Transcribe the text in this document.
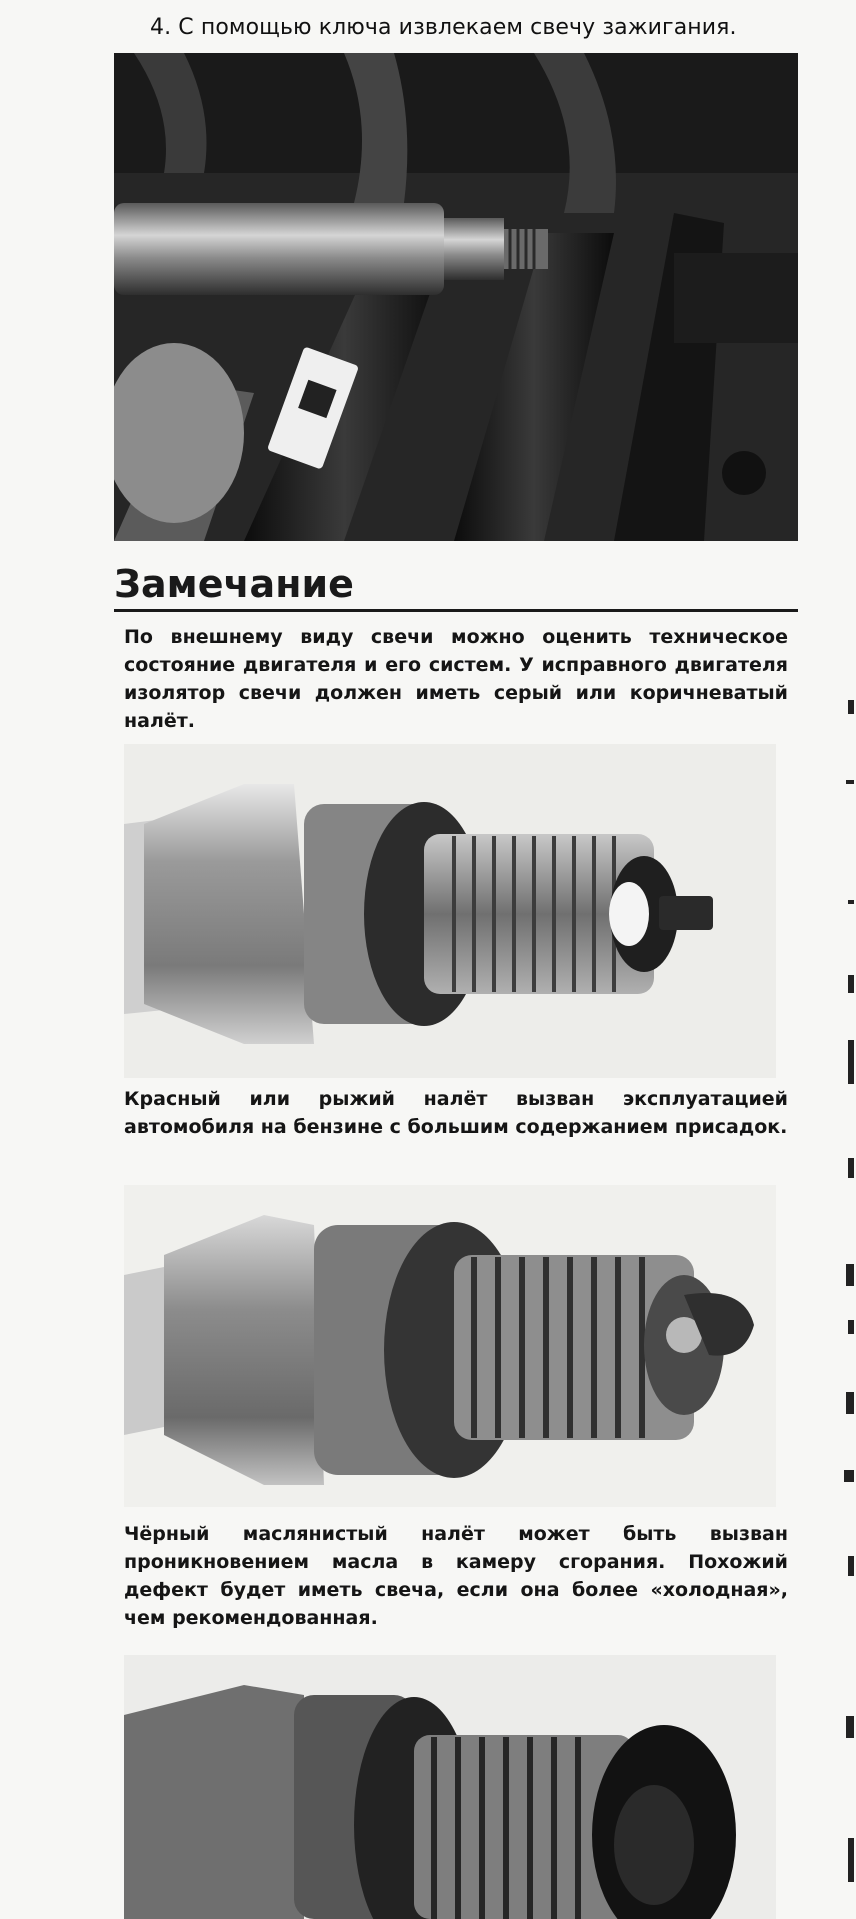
4. С помощью ключа извлекаем свечу зажигания.
Замечание
По внешнему виду свечи можно оценить техническое состояние двигателя и его систем. У исправного двигателя изолятор свечи должен иметь серый или коричневатый налёт.
Красный или рыжий налёт вызван эксплуатацией автомобиля на бензине с большим содержанием присадок.
Чёрный маслянистый налёт может быть вызван проникновением масла в камеру сгорания. Похожий дефект будет иметь свеча, если она более «холодная», чем рекомендованная.
